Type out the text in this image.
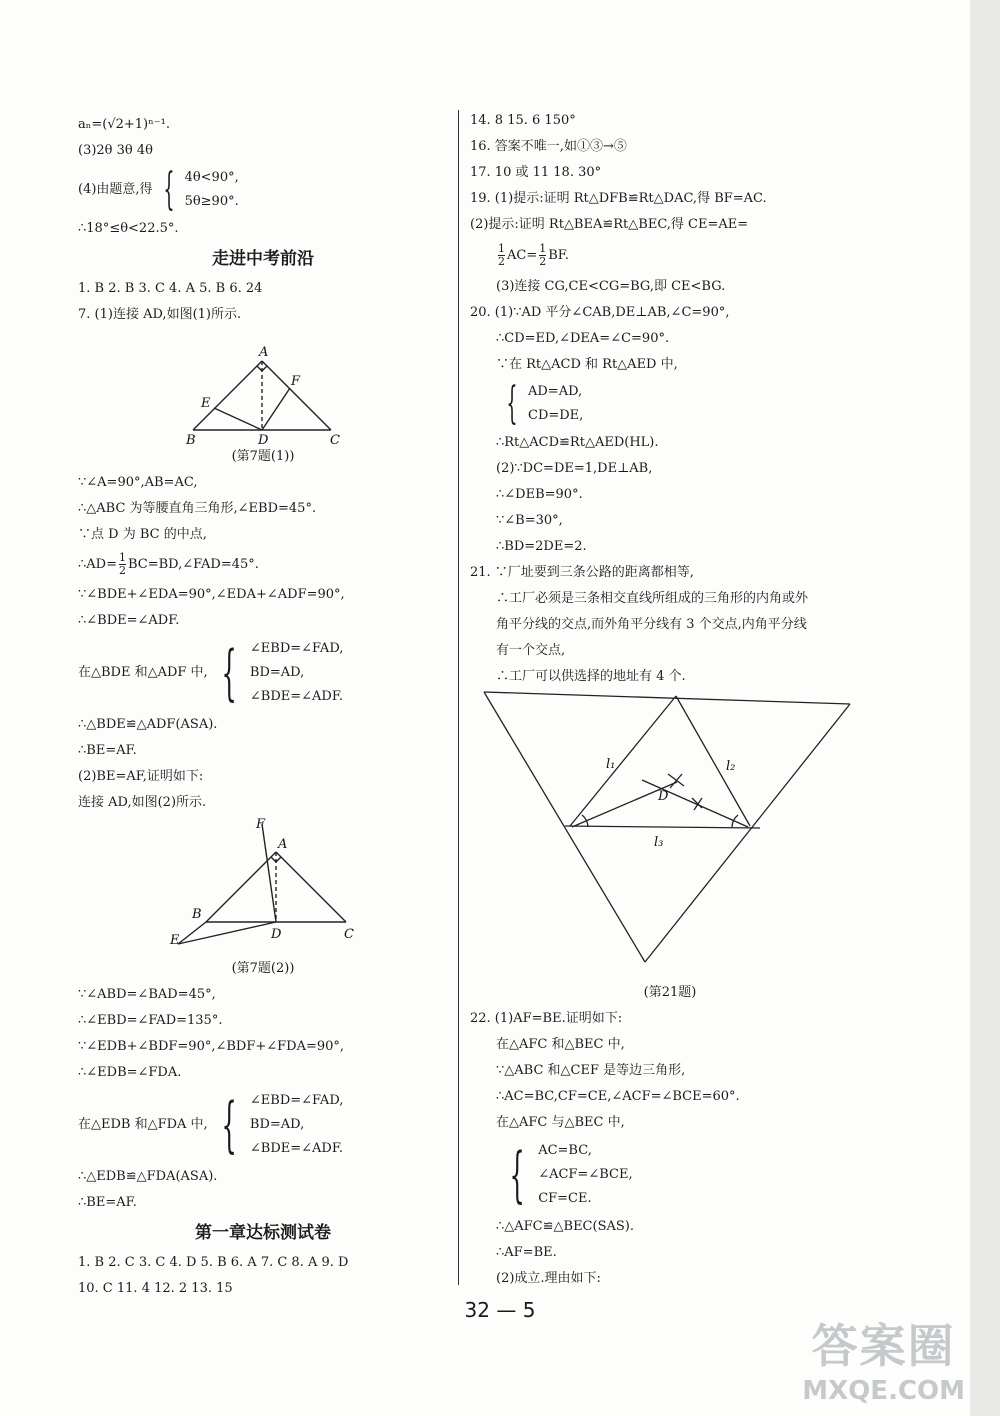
aₙ=(√2+1)ⁿ⁻¹.
(3)2θ 3θ 4θ
(4)由题意,得 { 4θ<90°,
5θ≥90°.
∴18°≤θ<22.5°.
走进中考前沿
1. B 2. B 3. C 4. A 5. B 6. 24
7. (1)连接 AD,如图(1)所示.
A
E
F
B	D	C
(第7题(1))
∵∠A=90°,AB=AC,
∴△ABC 为等腰直角三角形,∠EBD=45°.
∵点 D 为 BC 的中点,
∴AD= $\frac{1}{2}$ BC=BD,∠FAD=45°.
∵∠BDE+∠EDA=90°,∠EDA+∠ADF=90°,
∴∠BDE=∠ADF.
在△BDE 和△ADF 中, { ∠EBD=∠FAD,
BD=AD,
∠BDE=∠ADF.
∴△BDE≌△ADF(ASA).
∴BE=AF.
(2)BE=AF,证明如下:
连接 AD,如图(2)所示.
F
A
B
E	D	C
(第7题(2))
∵∠ABD=∠BAD=45°,
∴∠EBD=∠FAD=135°.
∵∠EDB+∠BDF=90°,∠BDF+∠FDA=90°,
∴∠EDB=∠FDA.
在△EDB 和△FDA 中, { ∠EBD=∠FAD,
BD=AD,
∠BDE=∠ADF.
∴△EDB≌△FDA(ASA).
∴BE=AF.
第一章达标测试卷
1. B 2. C 3. C 4. D 5. B 6. A 7. C 8. A 9. D
10. C 11. 4 12. 2 13. 15
14. 8 15. 6 150°
16. 答案不唯一,如①③→⑤
17. 10 或 11 18. 30°
19. (1)提示:证明 Rt△DFB≌Rt△DAC,得 BF=AC.
(2)提示:证明 Rt△BEA≌Rt△BEC,得 CE=AE=
$\frac{1}{2} AC= \frac{1}{2}$ BF.
(3)连接 CG,CE<CG=BG,即 CE<BG.
20. (1)∵AD 平分∠CAB,DE⊥AB,∠C=90°,
∴CD=ED,∠DEA=∠C=90°.
∵在 Rt△ACD 和 Rt△AED 中,
{ AD=AD,
CD=DE,
∴Rt△ACD≌Rt△AED(HL).
(2)∵DC=DE=1,DE⊥AB,
∴∠DEB=90°.
∵∠B=30°,
∴BD=2DE=2.
21. ∵厂址要到三条公路的距离都相等,
∴工厂必须是三条相交直线所组成的三角形的内角或外
角平分线的交点,而外角平分线有 3 个交点,内角平分线
有一个交点,
∴工厂可以供选择的地址有 4 个.
l₁	l₂
l₃
D
(第21题)
22. (1)AF=BE.证明如下:
在△AFC 和△BEC 中,
∵△ABC 和△CEF 是等边三角形,
∴AC=BC,CF=CE,∠ACF=∠BCE=60°.
在△AFC 与△BEC 中,
{ AC=BC,
∠ACF=∠BCE,
CF=CE.
∴△AFC≌△BEC(SAS).
∴AF=BE.
(2)成立.理由如下:
32 — 5
答案圈
MXQE.COM
